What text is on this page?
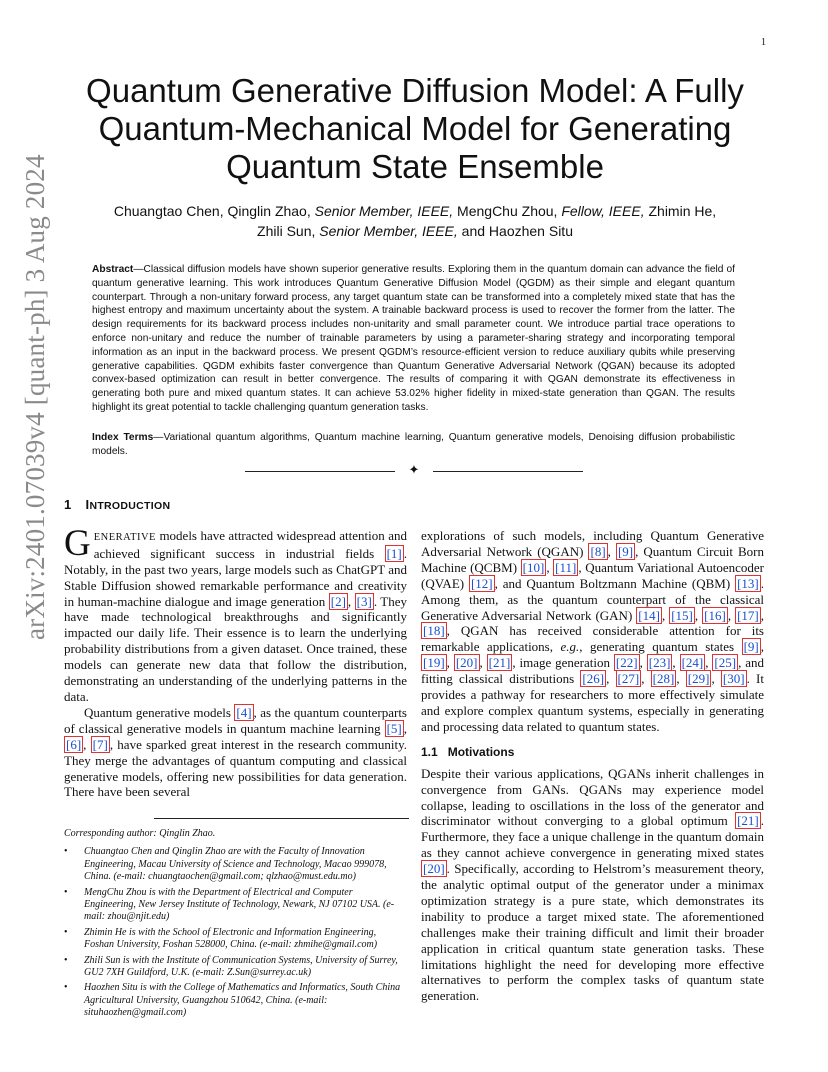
1
arXiv:2401.07039v4 [quant-ph] 3 Aug 2024
Quantum Generative Diffusion Model: A Fully Quantum-Mechanical Model for Generating Quantum State Ensemble
Chuangtao Chen, Qinglin Zhao, Senior Member, IEEE, MengChu Zhou, Fellow, IEEE, Zhimin He,
Zhili Sun, Senior Member, IEEE, and Haozhen Situ
Abstract—Classical diffusion models have shown superior generative results. Exploring them in the quantum domain can advance the field of quantum generative learning. This work introduces Quantum Generative Diffusion Model (QGDM) as their simple and elegant quantum counterpart. Through a non-unitary forward process, any target quantum state can be transformed into a completely mixed state that has the highest entropy and maximum uncertainty about the system. A trainable backward process is used to recover the former from the latter. The design requirements for its backward process includes non-unitarity and small parameter count. We introduce partial trace operations to enforce non-unitary and reduce the number of trainable parameters by using a parameter-sharing strategy and incorporating temporal information as an input in the backward process. We present QGDM’s resource-efficient version to reduce auxiliary qubits while preserving generative capabilities. QGDM exhibits faster convergence than Quantum Generative Adversarial Network (QGAN) because its adopted convex-based optimization can result in better convergence. The results of comparing it with QGAN demonstrate its effectiveness in generating both pure and mixed quantum states. It can achieve 53.02% higher fidelity in mixed-state generation than QGAN. The results highlight its great potential to tackle challenging quantum generation tasks.
Index Terms—Variational quantum algorithms, Quantum machine learning, Quantum generative models, Denoising diffusion probabilistic models.
✦
1 INTRODUCTION

GENERATIVE models have attracted widespread attention and achieved significant success in industrial fields [1] . Notably, in the past two years, large models such as ChatGPT and Stable Diffusion showed remarkable performance and creativity in human-machine dialogue and image generation [2] , [3] . They have made technological breakthroughs and significantly impacted our daily life. Their essence is to learn the underlying probability distributions from a given dataset. Once trained, these models can generate new data that follow the distribution, demonstrating an understanding of the underlying patterns in the data.

Quantum generative models [4] , as the quantum counterparts of classical generative models in quantum machine learning [5] , [6] , [7] , have sparked great interest in the research community. They merge the advantages of quantum computing and classical generative models, offering new possibilities for data generation. There have been several

Corresponding author: Qinglin Zhao.
• Chuangtao Chen and Qinglin Zhao are with the Faculty of Innovation Engineering, Macau University of Science and Technology, Macao 999078, China. (e-mail: chuangtaochen@gmail.com; qlzhao@must.edu.mo)
• MengChu Zhou is with the Department of Electrical and Computer Engineering, New Jersey Institute of Technology, Newark, NJ 07102 USA. (e-mail: zhou@njit.edu)
• Zhimin He is with the School of Electronic and Information Engineering, Foshan University, Foshan 528000, China. (e-mail: zhmihe@gmail.com)
• Zhili Sun is with the Institute of Communication Systems, University of Surrey, GU2 7XH Guildford, U.K. (e-mail: Z.Sun@surrey.ac.uk)
• Haozhen Situ is with the College of Mathematics and Informatics, South China Agricultural University, Guangzhou 510642, China. (e-mail: situhaozhen@gmail.com)

explorations of such models, including Quantum Generative Adversarial Network (QGAN) [8] , [9] , Quantum Circuit Born Machine (QCBM) [10] , [11] , Quantum Variational Autoencoder (QVAE) [12] , and Quantum Boltzmann Machine (QBM) [13] . Among them, as the quantum counterpart of the classical Generative Adversarial Network (GAN) [14] , [15] , [16] , [17] , [18] , QGAN has received considerable attention for its remarkable applications, e.g., generating quantum states [9] , [19] , [20] , [21] , image generation [22] , [23] , [24] , [25] , and fitting classical distributions [26] , [27] , [28] , [29] , [30] . It provides a pathway for researchers to more effectively simulate and explore complex quantum systems, especially in generating and processing data related to quantum states.

1.1 Motivations

Despite their various applications, QGANs inherit challenges in convergence from GANs. QGANs may experience model collapse, leading to oscillations in the loss of the generator and discriminator without converging to a global optimum [21] . Furthermore, they face a unique challenge in the quantum domain as they cannot achieve convergence in generating mixed states [20] . Specifically, according to Helstrom’s measurement theory, the analytic optimal output of the generator under a minimax optimization strategy is a pure state, which demonstrates its inability to produce a target mixed state. The aforementioned challenges make their training difficult and limit their broader application in critical quantum state generation tasks. These limitations highlight the need for developing more effective alternatives to perform the complex tasks of quantum state generation.
